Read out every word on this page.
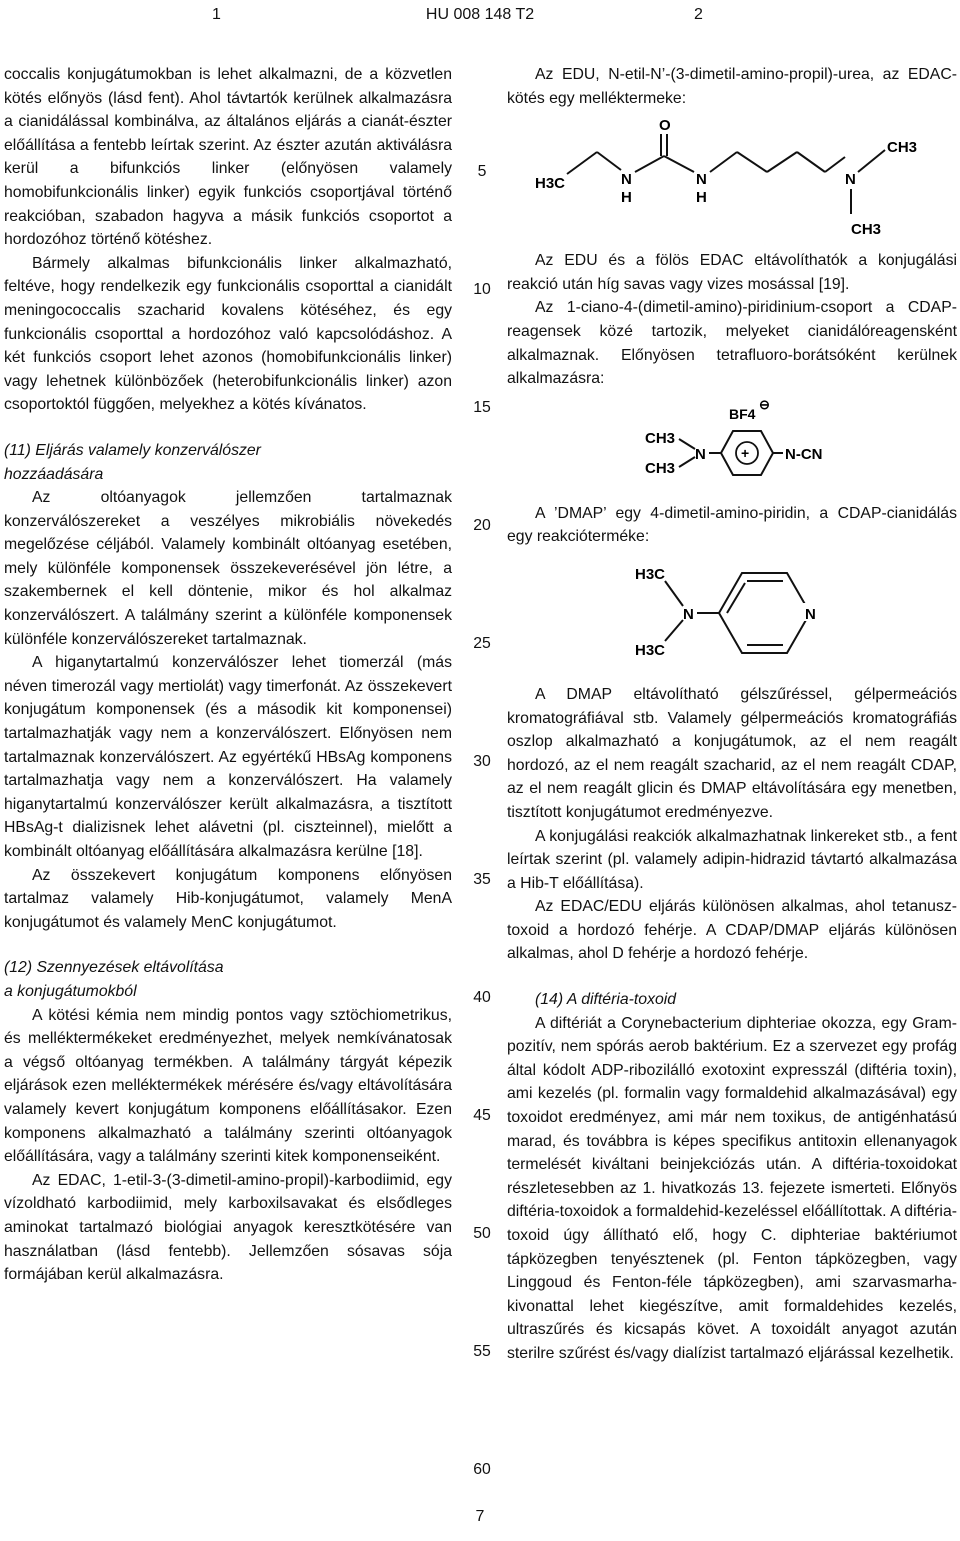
1	HU 008 148 T2	2

coccalis konjugátumokban is lehet alkalmazni, de a közvetlen kötés előnyös (lásd fent). Ahol távtartók kerülnek alkalmazásra a cianidálással kombinálva, az általános eljárás a cianát-észter előállítása a fentebb leírtak szerint. Az észter azután aktiválásra kerül a bifunkciós linker (előnyösen valamely homobifunkcionális linker) egyik funkciós csoportjával történő reakcióban, szabadon hagyva a másik funkciós csoportot a hordozóhoz történő kötéshez.

Bármely alkalmas bifunkcionális linker alkalmazható, feltéve, hogy rendelkezik egy funkcionális csoporttal a cianidált meningococcalis szacharid kovalens kötéséhez, és egy funkcionális csoporttal a hordozóhoz való kapcsolódáshoz. A két funkciós csoport lehet azonos (homobifunkcionális linker) vagy lehetnek különbözőek (heterobifunkcionális linker) azon csoportoktól függően, melyekhez a kötés kívánatos.

(11) Eljárás valamely konzerválószer
hozzáadására

Az oltóanyagok jellemzően tartalmaznak konzerválószereket a veszélyes mikrobiális növekedés megelőzése céljából. Valamely kombinált oltóanyag esetében, mely különféle komponensek összekeverésével jön létre, a szakembernek el kell döntenie, mikor és hol alkalmaz konzerválószert. A találmány szerint a különféle komponensek különféle konzerválószereket tartalmaznak.

A higanytartalmú konzerválószer lehet tiomerzál (más néven timerozál vagy mertiolát) vagy timerfonát. Az összekevert konjugátum komponensek (és a második kit komponensei) tartalmazhatják vagy nem a konzerválószert. Előnyösen nem tartalmaznak konzerválószert. Az egyértékű HBsAg komponens tartalmazhatja vagy nem a konzerválószert. Ha valamely higanytartalmú konzerválószer került alkalmazásra, a tisztított HBsAg-t dializisnek lehet alávetni (pl. ciszteinnel), mielőtt a kombinált oltóanyag előállítására alkalmazásra kerülne [18].

Az összekevert konjugátum komponens előnyösen tartalmaz valamely Hib-konjugátumot, valamely MenA konjugátumot és valamely MenC konjugátumot.

(12) Szennyezések eltávolítása
a konjugátumokból

A kötési kémia nem mindig pontos vagy sztöchiometrikus, és melléktermékeket eredményezhet, melyek nemkívánatosak a végső oltóanyag termékben. A találmány tárgyát képezik eljárások ezen melléktermékek mérésére és/vagy eltávolítására valamely kevert konjugátum komponens előállításakor. Ezen komponens alkalmazható a találmány szerinti oltóanyagok előállítására, vagy a találmány szerinti kitek komponenseiként.

Az EDAC, 1-etil-3-(3-dimetil-amino-propil)-karbodiimid, egy vízoldható karbodiimid, mely karboxilsavakat és elsődleges aminokat tartalmazó biológiai anyagok keresztkötésére van használatban (lásd fentebb). Jellemzően sósavas sója formájában kerül alkalmazásra.

Az EDU, N-etil-N’-(3-dimetil-amino-propil)-urea, az EDAC-kötés egy melléktermeke:

O
H3C	N
H
N
H
N
CH3
CH3

Az EDU és a fölös EDAC eltávolíthatók a konjugálási reakció után híg savas vagy vizes mosással [19].

Az 1-ciano-4-(dimetil-amino)-piridinium-csoport a CDAP-reagensek közé tartozik, melyeket cianidálóreagensként alkalmaznak. Előnyösen tetrafluoro-borátsóként kerülnek alkalmazásra:

CH3
CH3
N	+ N-CN
BF4
⊖

A ’DMAP’ egy 4-dimetil-amino-piridin, a CDAP-cianidálás egy reakcióterméke:

H3C
H3C
N	N

A DMAP eltávolítható gélszűréssel, gélpermeációs kromatográfiával stb. Valamely gélpermeációs kromatográfiás oszlop alkalmazható a konjugátumok, az el nem reagált hordozó, az el nem reagált szacharid, az el nem reagált CDAP, az el nem reagált glicin és DMAP eltávolítására egy menetben, tisztított konjugátumot eredményezve.

A konjugálási reakciók alkalmazhatnak linkereket stb., a fent leírtak szerint (pl. valamely adipin-hidrazid távtartó alkalmazása a Hib-T előállítása).

Az EDAC/EDU eljárás különösen alkalmas, ahol tetanusz-toxoid a hordozó fehérje. A CDAP/DMAP eljárás különösen alkalmas, ahol D fehérje a hordozó fehérje.

(14) A diftéria-toxoid

A diftériát a Corynebacterium diphteriae okozza, egy Gram-pozitív, nem spórás aerob baktérium. Ez a szervezet egy profág által kódolt ADP-ribozilálló exotoxint expresszál (diftéria toxin), ami kezelés (pl. formalin vagy formaldehid alkalmazásával) egy toxoidot eredményez, ami már nem toxikus, de antigénhatású marad, és továbbra is képes specifikus antitoxin ellenanyagok termelését kiváltani beinjekciózás után. A diftéria-toxoidokat részletesebben az 1. hivatkozás 13. fejezete ismerteti. Előnyös diftéria-toxoidok a formaldehid-kezeléssel előállítottak. A diftéria-toxoid úgy állítható elő, hogy C. diphteriae baktériumot tápközegben tenyésztenek (pl. Fenton tápközegben, vagy Linggoud és Fenton-féle tápközegben), ami szarvasmarha-kivonattal lehet kiegészítve, amit formaldehides kezelés, ultraszűrés és kicsapás követ. A toxoidált anyagot azután sterilre szűrést és/vagy dialízist tartalmazó eljárással kezelhetik.

5
10
15
20
25
30
35
40
45
50
55
60
7
